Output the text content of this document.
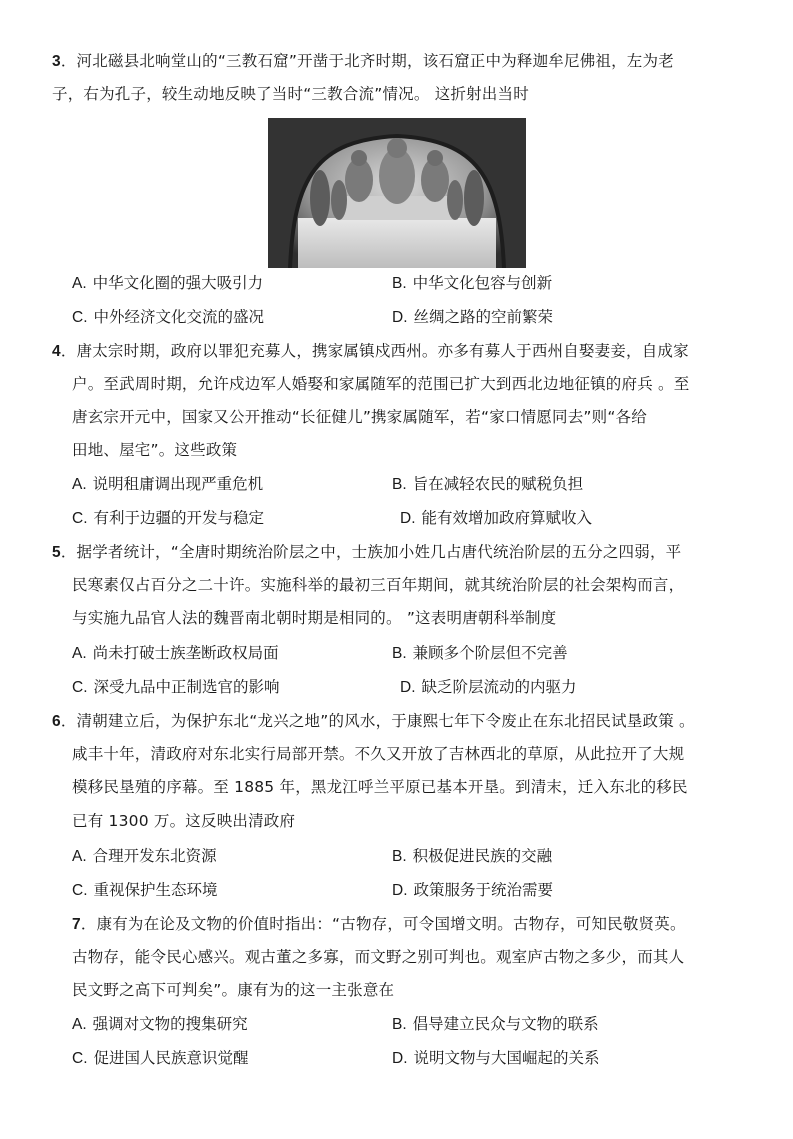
3．河北磁县北响堂山的“三教石窟”开凿于北齐时期，该石窟正中为释迦牟尼佛祖，左为老
子，右为孔子，较生动地反映了当时“三教合流”情况。 这折射出当时
A. 中华文化圈的强大吸引力	B. 中华文化包容与创新
C. 中外经济文化交流的盛况	D. 丝绸之路的空前繁荣
4．唐太宗时期，政府以罪犯充募人，携家属镇戍西州。亦多有募人于西州自娶妻妾，自成家
户。至武周时期，允许戍边军人婚娶和家属随军的范围已扩大到西北边地征镇的府兵 。至
唐玄宗开元中，国家又公开推动“长征健儿”携家属随军，若“家口情愿同去”则“各给
田地、屋宅”。这些政策
A. 说明租庸调出现严重危机	B. 旨在减轻农民的赋税负担
C. 有利于边疆的开发与稳定	D. 能有效增加政府算赋收入
5．据学者统计，“全唐时期统治阶层之中，士族加小姓几占唐代统治阶层的五分之四弱，平
民寒素仅占百分之二十许。实施科举的最初三百年期间，就其统治阶层的社会架构而言，
与实施九品官人法的魏晋南北朝时期是相同的。 ”这表明唐朝科举制度
A. 尚未打破士族垄断政权局面	B. 兼顾多个阶层但不完善
C. 深受九品中正制选官的影响	D. 缺乏阶层流动的内驱力
6．清朝建立后，为保护东北“龙兴之地”的风水，于康熙七年下令废止在东北招民试垦政策 。
咸丰十年，清政府对东北实行局部开禁。不久又开放了吉林西北的草原，从此拉开了大规
模移民垦殖的序幕。至 1885 年，黑龙江呼兰平原已基本开垦。到清末，迁入东北的移民
已有 1300 万。这反映出清政府
A. 合理开发东北资源	B. 积极促进民族的交融
C. 重视保护生态环境	D. 政策服务于统治需要
7．康有为在论及文物的价值时指出：“古物存，可令国增文明。古物存，可知民敬贤英。
古物存，能令民心感兴。观古董之多寡，而文野之别可判也。观室庐古物之多少，而其人
民文野之高下可判矣”。康有为的这一主张意在
A. 强调对文物的搜集研究	B. 倡导建立民众与文物的联系
C. 促进国人民族意识觉醒	D. 说明文物与大国崛起的关系
